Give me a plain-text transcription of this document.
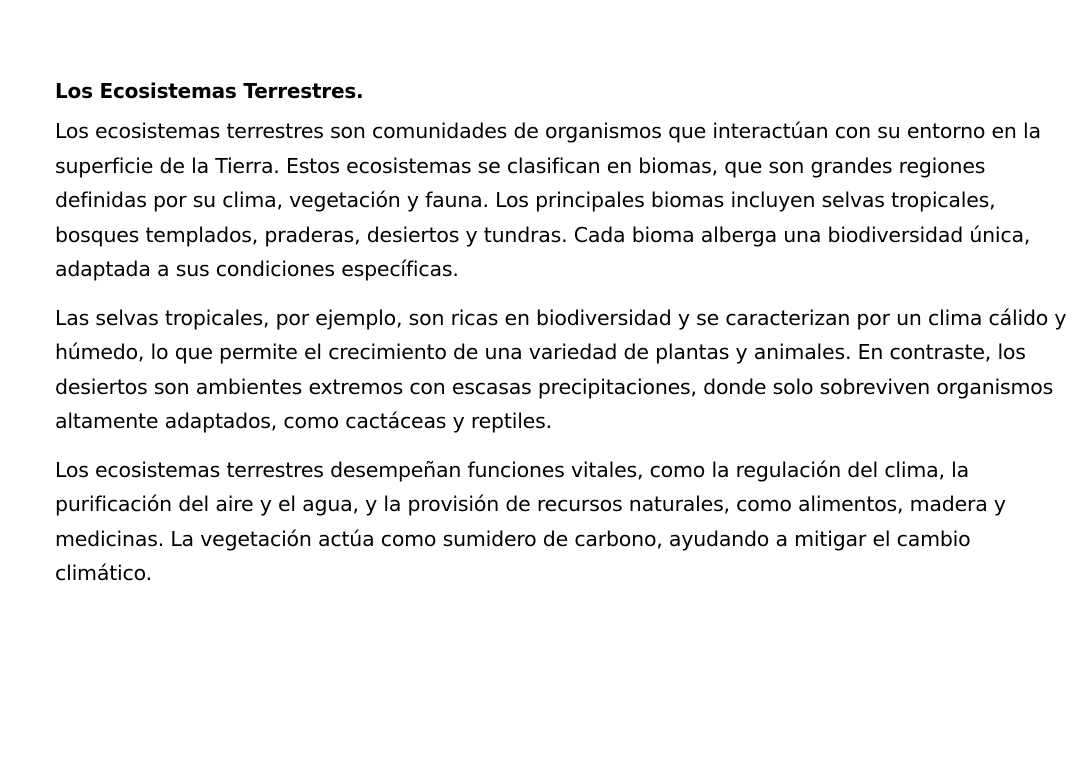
Los Ecosistemas Terrestres.

Los ecosistemas terrestres son comunidades de organismos que interactúan con su entorno en la superficie de la Tierra. Estos ecosistemas se clasifican en biomas, que son grandes regiones definidas por su clima, vegetación y fauna. Los principales biomas incluyen selvas tropicales, bosques templados, praderas, desiertos y tundras. Cada bioma alberga una biodiversidad única, adaptada a sus condiciones específicas.

Las selvas tropicales, por ejemplo, son ricas en biodiversidad y se caracterizan por un clima cálido y húmedo, lo que permite el crecimiento de una variedad de plantas y animales. En contraste, los desiertos son ambientes extremos con escasas precipitaciones, donde solo sobreviven organismos altamente adaptados, como cactáceas y reptiles.

Los ecosistemas terrestres desempeñan funciones vitales, como la regulación del clima, la purificación del aire y el agua, y la provisión de recursos naturales, como alimentos, madera y medicinas. La vegetación actúa como sumidero de carbono, ayudando a mitigar el cambio climático.
